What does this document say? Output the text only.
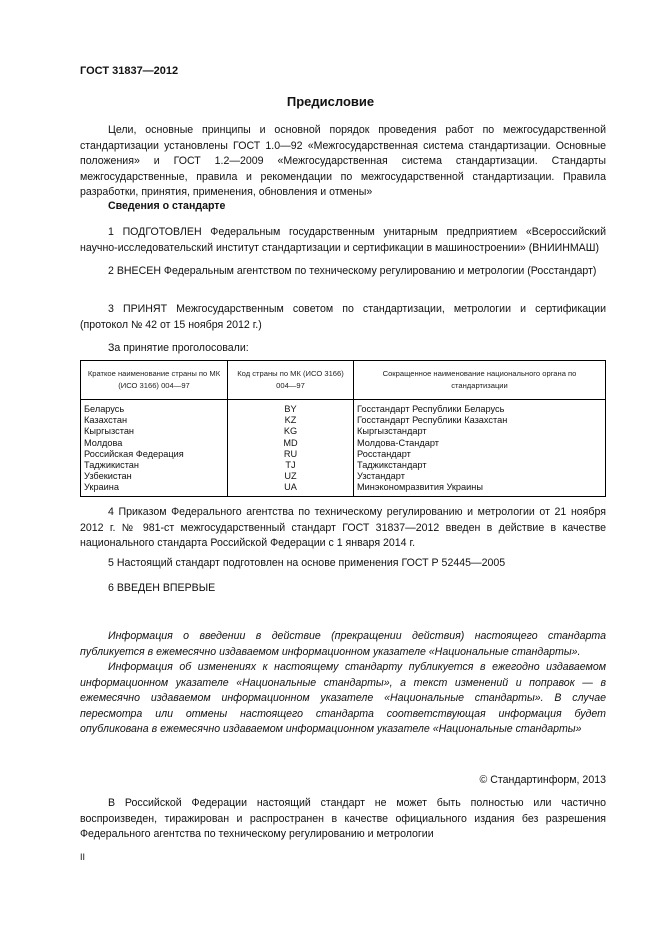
ГОСТ 31837—2012
Предисловие
Цели, основные принципы и основной порядок проведения работ по межгосударственной стандартизации установлены ГОСТ 1.0—92 «Межгосударственная система стандартизации. Основные положения» и ГОСТ 1.2—2009 «Межгосударственная система стандартизации. Стандарты межгосударственные, правила и рекомендации по межгосударственной стандартизации. Правила разработки, принятия, применения, обновления и отмены»
Сведения о стандарте
1 ПОДГОТОВЛЕН Федеральным государственным унитарным предприятием «Всероссийский научно-исследовательский институт стандартизации и сертификации в машиностроении» (ВНИИНМАШ)
2 ВНЕСЕН Федеральным агентством по техническому регулированию и метрологии (Росстандарт)
3 ПРИНЯТ Межгосударственным советом по стандартизации, метрологии и сертификации (протокол № 42 от 15 ноября 2012 г.)
За принятие проголосовали:
Краткое наименование страны по МК (ИСО 3166) 004—97	Код страны по МК (ИСО 3166) 004—97	Сокращенное наименование национального органа по стандартизации
Беларусь	BY	Госстандарт Республики Беларусь
Казахстан	KZ	Госстандарт Республики Казахстан
Кыргызстан	KG	Кыргызстандарт
Молдова	MD	Молдова-Стандарт
Российская Федерация	RU	Росстандарт
Таджикистан	TJ	Таджикстандарт
Узбекистан	UZ	Узстандарт
Украина	UA	Минэкономразвития Украины
4 Приказом Федерального агентства по техническому регулированию и метрологии от 21 ноября 2012 г. № 981-ст межгосударственный стандарт ГОСТ 31837—2012 введен в действие в качестве национального стандарта Российской Федерации с 1 января 2014 г.
5 Настоящий стандарт подготовлен на основе применения ГОСТ Р 52445—2005
6 ВВЕДЕН ВПЕРВЫЕ
Информация о введении в действие (прекращении действия) настоящего стандарта публикуется в ежемесячно издаваемом информационном указателе «Национальные стандарты».
Информация об изменениях к настоящему стандарту публикуется в ежегодно издаваемом информационном указателе «Национальные стандарты», а текст изменений и поправок — в ежемесячно издаваемом информационном указателе «Национальные стандарты». В случае пересмотра или отмены настоящего стандарта соответствующая информация будет опубликована в ежемесячно издаваемом информационном указателе «Национальные стандарты»
© Стандартинформ, 2013
В Российской Федерации настоящий стандарт не может быть полностью или частично воспроизведен, тиражирован и распространен в качестве официального издания без разрешения Федерального агентства по техническому регулированию и метрологии
II
